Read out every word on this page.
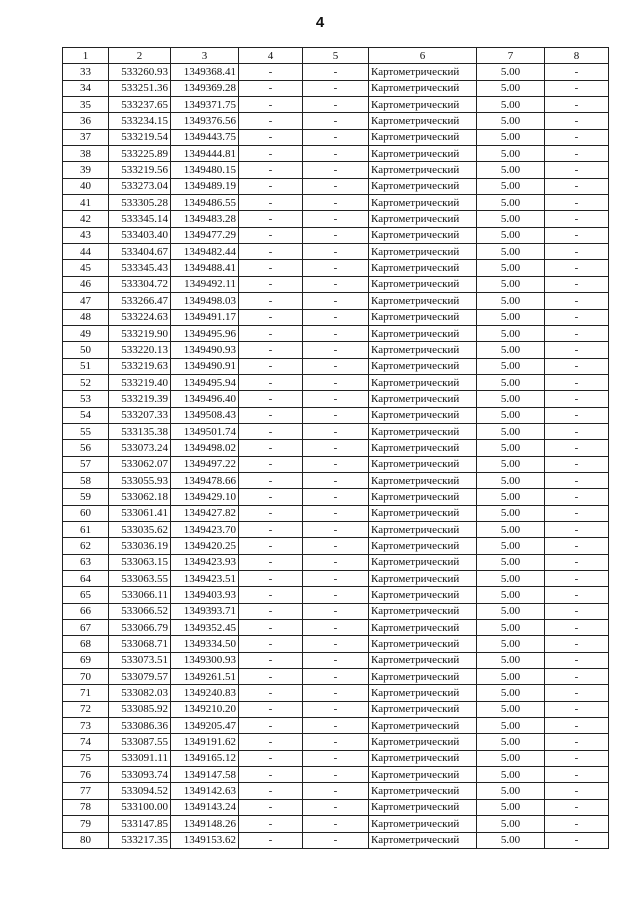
4
1	2	3	4	5	6	7	8
33	533260.93	1349368.41	-	-	Картометрический	5.00	-
34	533251.36	1349369.28	-	-	Картометрический	5.00	-
35	533237.65	1349371.75	-	-	Картометрический	5.00	-
36	533234.15	1349376.56	-	-	Картометрический	5.00	-
37	533219.54	1349443.75	-	-	Картометрический	5.00	-
38	533225.89	1349444.81	-	-	Картометрический	5.00	-
39	533219.56	1349480.15	-	-	Картометрический	5.00	-
40	533273.04	1349489.19	-	-	Картометрический	5.00	-
41	533305.28	1349486.55	-	-	Картометрический	5.00	-
42	533345.14	1349483.28	-	-	Картометрический	5.00	-
43	533403.40	1349477.29	-	-	Картометрический	5.00	-
44	533404.67	1349482.44	-	-	Картометрический	5.00	-
45	533345.43	1349488.41	-	-	Картометрический	5.00	-
46	533304.72	1349492.11	-	-	Картометрический	5.00	-
47	533266.47	1349498.03	-	-	Картометрический	5.00	-
48	533224.63	1349491.17	-	-	Картометрический	5.00	-
49	533219.90	1349495.96	-	-	Картометрический	5.00	-
50	533220.13	1349490.93	-	-	Картометрический	5.00	-
51	533219.63	1349490.91	-	-	Картометрический	5.00	-
52	533219.40	1349495.94	-	-	Картометрический	5.00	-
53	533219.39	1349496.40	-	-	Картометрический	5.00	-
54	533207.33	1349508.43	-	-	Картометрический	5.00	-
55	533135.38	1349501.74	-	-	Картометрический	5.00	-
56	533073.24	1349498.02	-	-	Картометрический	5.00	-
57	533062.07	1349497.22	-	-	Картометрический	5.00	-
58	533055.93	1349478.66	-	-	Картометрический	5.00	-
59	533062.18	1349429.10	-	-	Картометрический	5.00	-
60	533061.41	1349427.82	-	-	Картометрический	5.00	-
61	533035.62	1349423.70	-	-	Картометрический	5.00	-
62	533036.19	1349420.25	-	-	Картометрический	5.00	-
63	533063.15	1349423.93	-	-	Картометрический	5.00	-
64	533063.55	1349423.51	-	-	Картометрический	5.00	-
65	533066.11	1349403.93	-	-	Картометрический	5.00	-
66	533066.52	1349393.71	-	-	Картометрический	5.00	-
67	533066.79	1349352.45	-	-	Картометрический	5.00	-
68	533068.71	1349334.50	-	-	Картометрический	5.00	-
69	533073.51	1349300.93	-	-	Картометрический	5.00	-
70	533079.57	1349261.51	-	-	Картометрический	5.00	-
71	533082.03	1349240.83	-	-	Картометрический	5.00	-
72	533085.92	1349210.20	-	-	Картометрический	5.00	-
73	533086.36	1349205.47	-	-	Картометрический	5.00	-
74	533087.55	1349191.62	-	-	Картометрический	5.00	-
75	533091.11	1349165.12	-	-	Картометрический	5.00	-
76	533093.74	1349147.58	-	-	Картометрический	5.00	-
77	533094.52	1349142.63	-	-	Картометрический	5.00	-
78	533100.00	1349143.24	-	-	Картометрический	5.00	-
79	533147.85	1349148.26	-	-	Картометрический	5.00	-
80	533217.35	1349153.62	-	-	Картометрический	5.00	-
